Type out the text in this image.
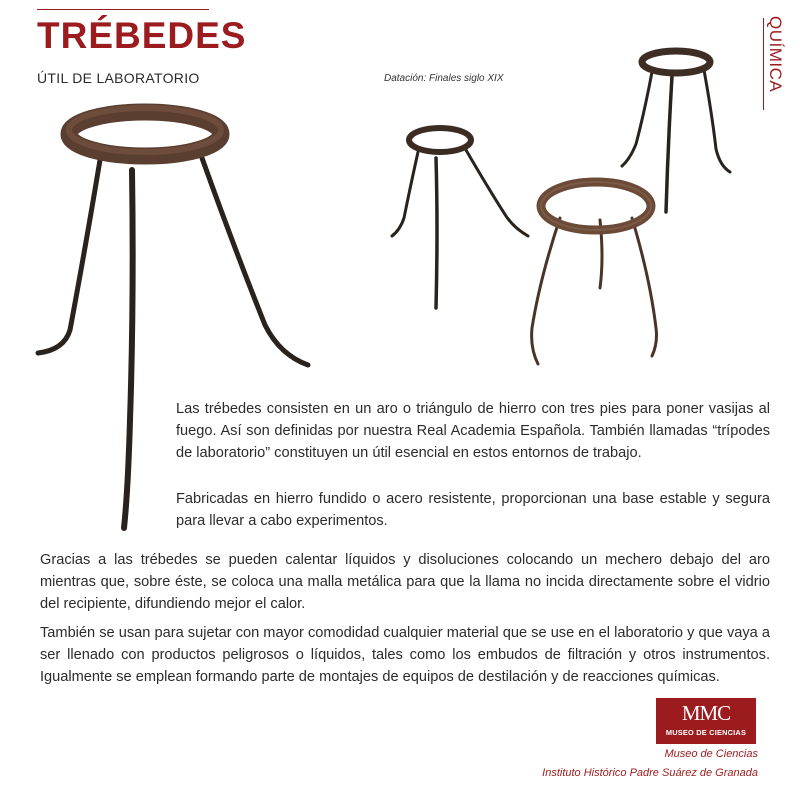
TRÉBEDES
ÚTIL DE LABORATORIO	Datación: Finales siglo XIX	QUÍMICA

Las trébedes consisten en un aro o triángulo de hierro con tres pies para poner vasijas al fuego. Así son definidas por nuestra Real Academia Española. También llamadas “trípodes de laboratorio” constituyen un útil esencial en estos entornos de trabajo.

Fabricadas en hierro fundido o acero resistente, proporcionan una base estable y segura para llevar a cabo experimentos.

Gracias a las trébedes se pueden calentar líquidos y disoluciones colocando un mechero debajo del aro mientras que, sobre éste, se coloca una malla metálica para que la llama no incida directamente sobre el vidrio del recipiente, difundiendo mejor el calor.

También se usan para sujetar con mayor comodidad cualquier material que se use en el laboratorio y que vaya a ser llenado con productos peligrosos o líquidos, tales como los embudos de filtración y otros instrumentos. Igualmente se emplean formando parte de montajes de equipos de destilación y de reacciones químicas.

MMC
MUSEO DE CIENCIAS
Museo de Ciencias
Instituto Histórico Padre Suárez de Granada
